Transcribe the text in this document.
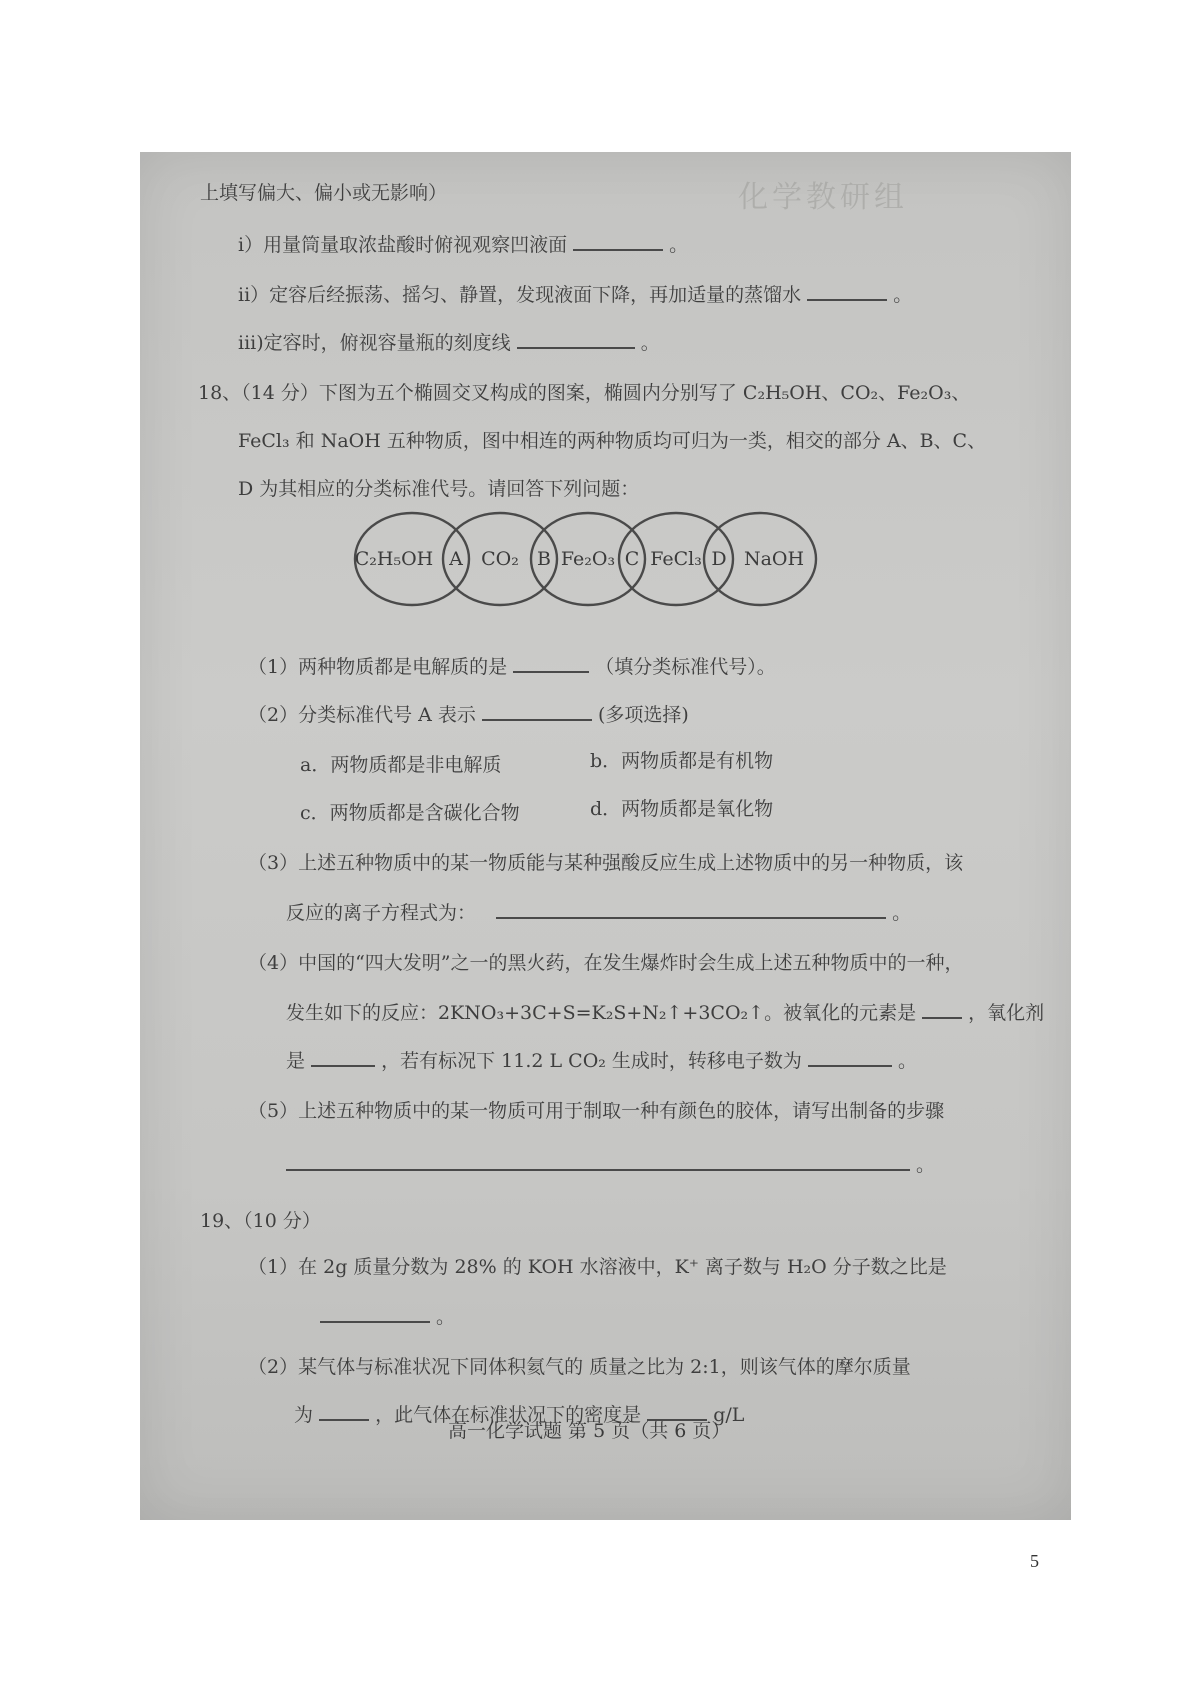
化学教研组
上填写偏大、偏小或无影响）
i）用量筒量取浓盐酸时俯视观察凹液面	。
ii）定容后经振荡、摇匀、静置，发现液面下降，再加适量的蒸馏水	。
iii)定容时，俯视容量瓶的刻度线	。
18、（14 分）下图为五个椭圆交叉构成的图案，椭圆内分别写了 C₂H₅OH、CO₂、Fe₂O₃、
FeCl₃ 和 NaOH 五种物质，图中相连的两种物质均可归为一类，相交的部分 A、B、C、
D 为其相应的分类标准代号。请回答下列问题：
C₂H₅OH	CO₂ Fe₂O₃ FeCl₃ NaOH
A	B	C	D
（1）两种物质都是电解质的是	（填分类标准代号）。
（2）分类标准代号 A 表示	(多项选择)
a．两物质都是非电解质	b．两物质都是有机物
c．两物质都是含碳化合物	d．两物质都是氧化物
（3）上述五种物质中的某一物质能与某种强酸反应生成上述物质中的另一种物质，该
反应的离子方程式为：	。
（4）中国的“四大发明”之一的黑火药，在发生爆炸时会生成上述五种物质中的一种，
发生如下的反应：2KNO₃+3C+S=K₂S+N₂↑+3CO₂↑。被氧化的元素是	，氧化剂
是	，若有标况下 11.2 L CO₂ 生成时，转移电子数为	。
（5）上述五种物质中的某一物质可用于制取一种有颜色的胶体，请写出制备的步骤
。
19、（10 分）
（1）在 2g 质量分数为 28% 的 KOH 水溶液中，K⁺ 离子数与 H₂O 分子数之比是
。
（2）某气体与标准状况下同体积氦气的 质量之比为 2:1，则该气体的摩尔质量
为	，此气体在标准状况下的密度是	g/L
高一化学试题 第 5 页（共 6 页）
5
